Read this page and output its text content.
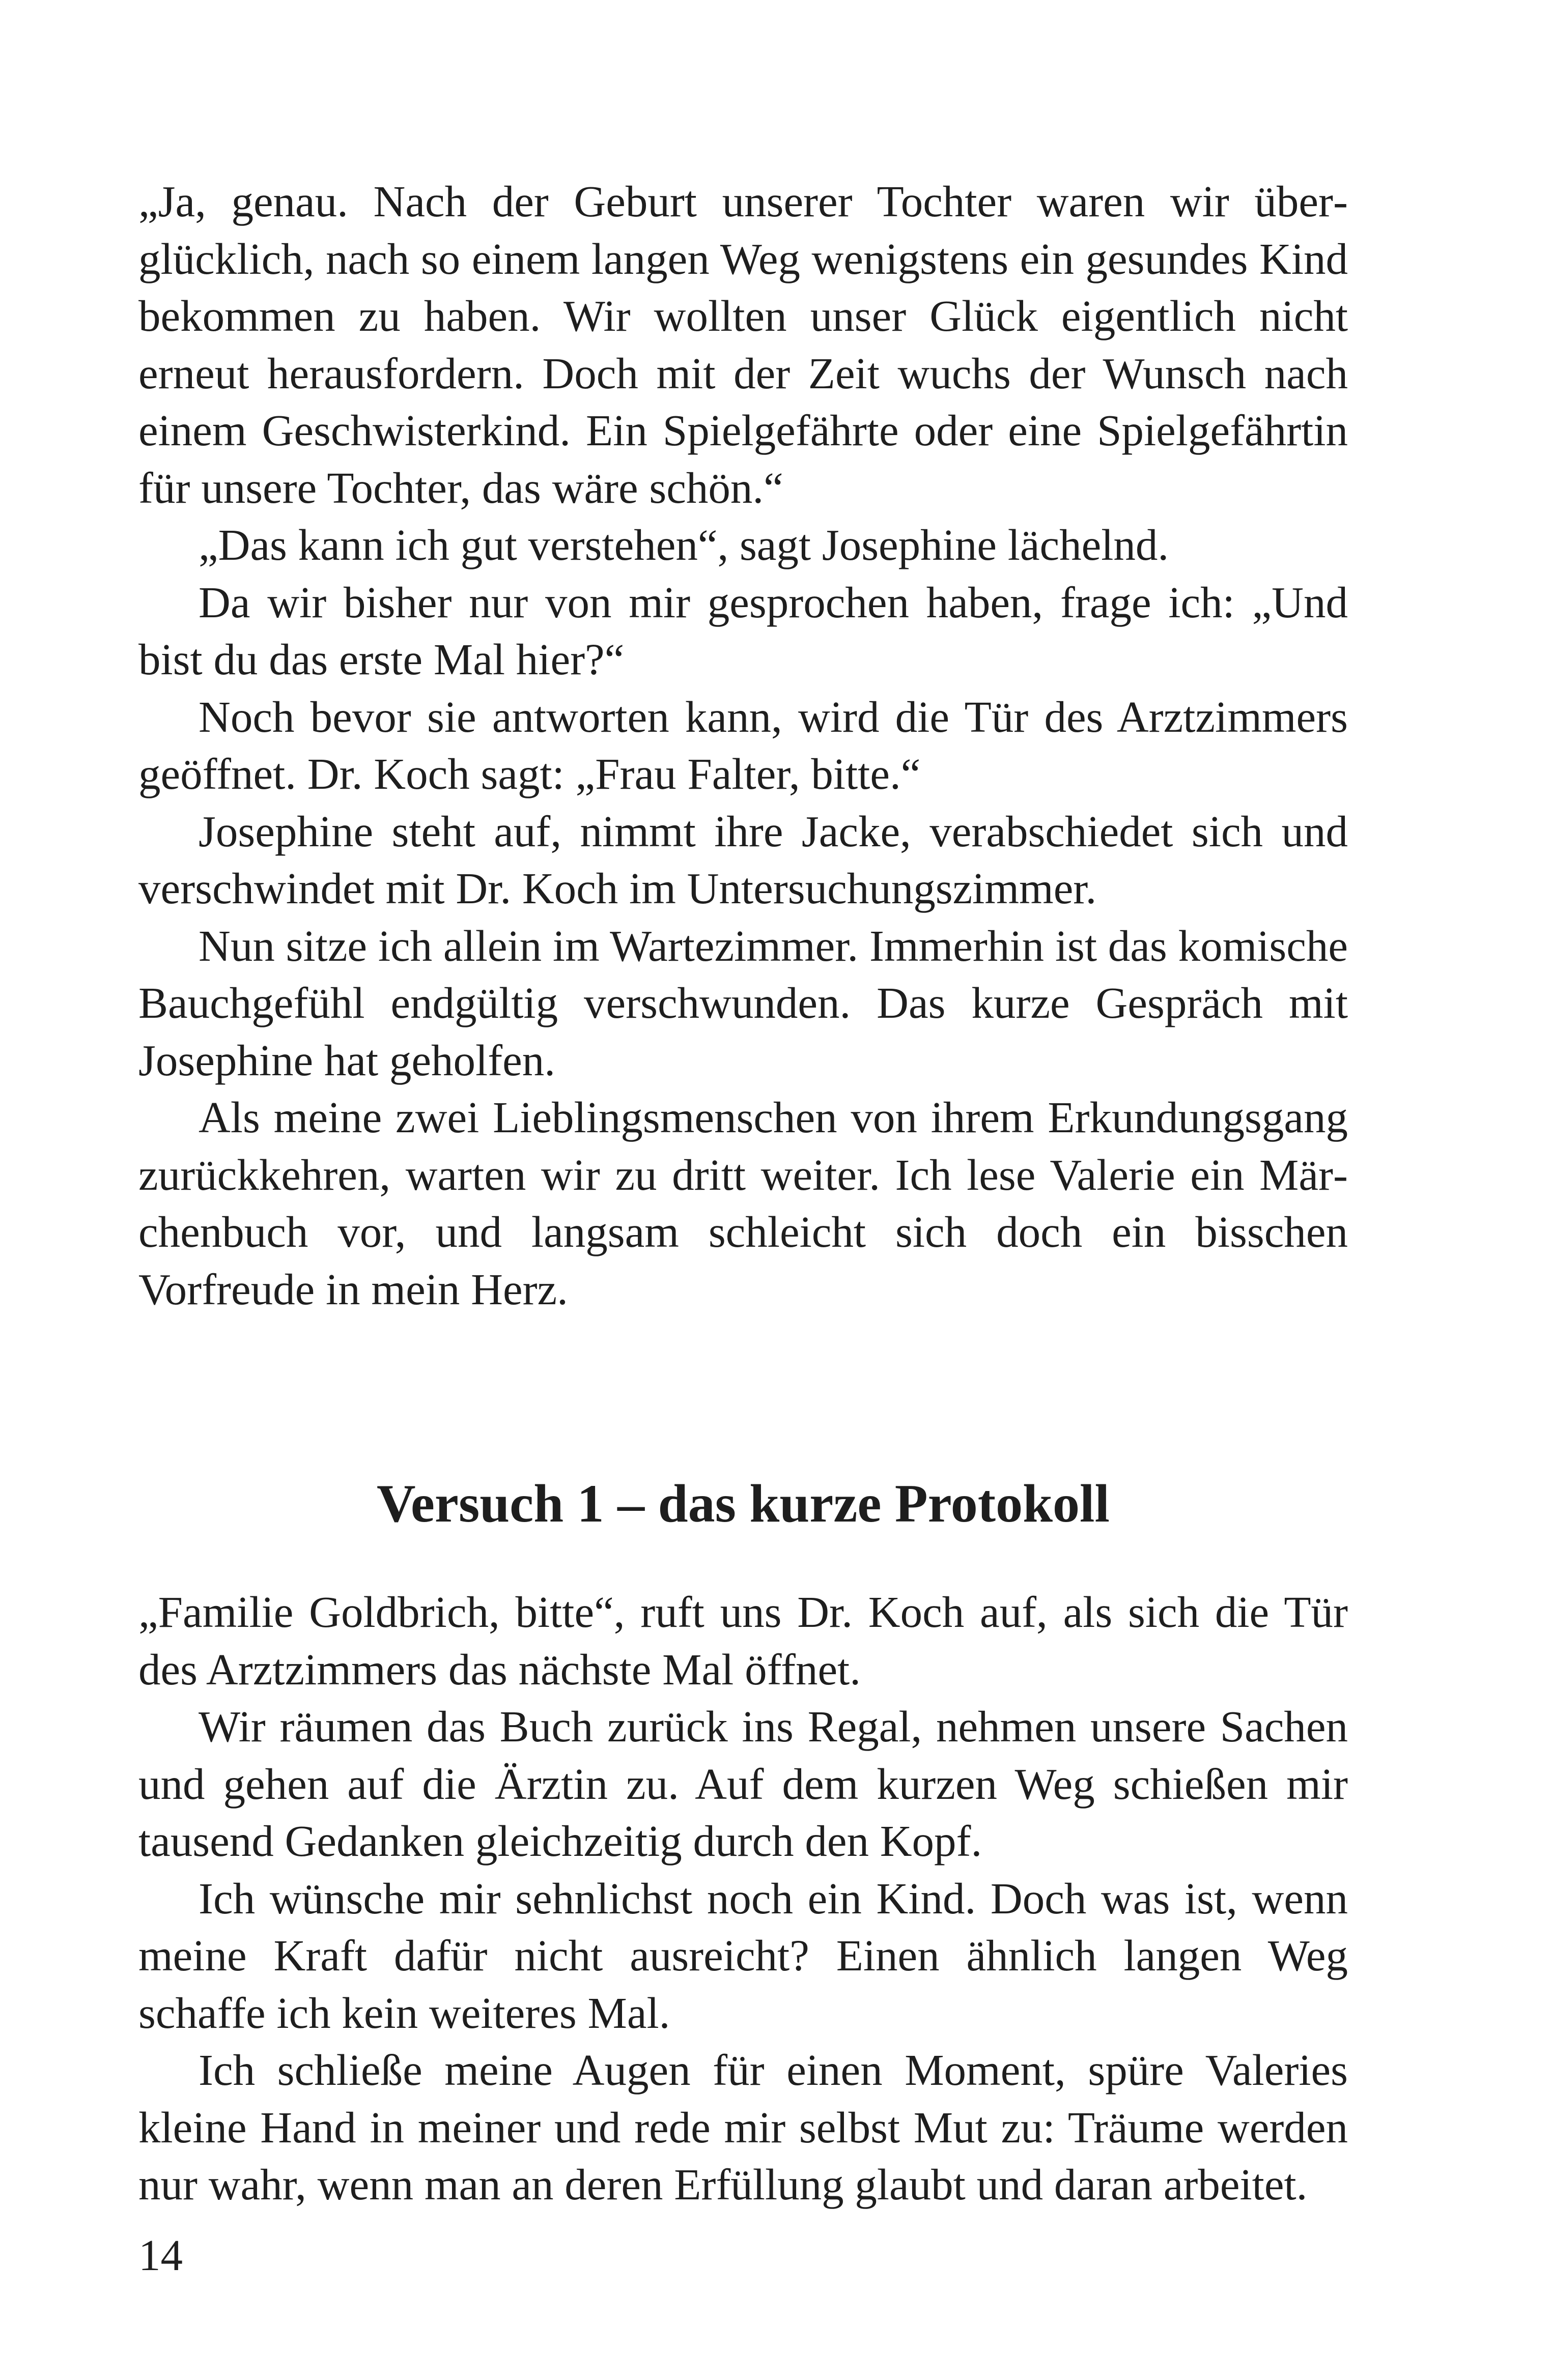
„Ja, genau. Nach der Geburt unserer Tochter waren wir überglücklich, nach so einem langen Weg wenigstens ein gesundes Kind bekommen zu haben. Wir wollten unser Glück eigentlich nicht erneut herausfordern. Doch mit der Zeit wuchs der Wunsch nach einem Geschwisterkind. Ein Spielgefährte oder eine Spielgefährtin für unsere Tochter, das wäre schön.“

„Das kann ich gut verstehen“, sagt Josephine lächelnd.

Da wir bisher nur von mir gesprochen haben, frage ich: „Und bist du das erste Mal hier?“

Noch bevor sie antworten kann, wird die Tür des Arztzimmers geöffnet. Dr. Koch sagt: „Frau Falter, bitte.“

Josephine steht auf, nimmt ihre Jacke, verabschiedet sich und verschwindet mit Dr. Koch im Untersuchungszimmer.

Nun sitze ich allein im Wartezimmer. Immerhin ist das komische Bauchgefühl endgültig verschwunden. Das kurze Gespräch mit Josephine hat geholfen.

Als meine zwei Lieblingsmenschen von ihrem Erkundungsgang zurückkehren, warten wir zu dritt weiter. Ich lese Valerie ein Märchenbuch vor, und langsam schleicht sich doch ein bisschen Vorfreude in mein Herz.

Versuch 1 – das kurze Protokoll

„Familie Goldbrich, bitte“, ruft uns Dr. Koch auf, als sich die Tür des Arztzimmers das nächste Mal öffnet.

Wir räumen das Buch zurück ins Regal, nehmen unsere Sachen und gehen auf die Ärztin zu. Auf dem kurzen Weg schießen mir tausend Gedanken gleichzeitig durch den Kopf.

Ich wünsche mir sehnlichst noch ein Kind. Doch was ist, wenn meine Kraft dafür nicht ausreicht? Einen ähnlich langen Weg schaffe ich kein weiteres Mal.

Ich schließe meine Augen für einen Moment, spüre Valeries kleine Hand in meiner und rede mir selbst Mut zu: Träume werden nur wahr, wenn man an deren Erfüllung glaubt und daran arbeitet.

14
